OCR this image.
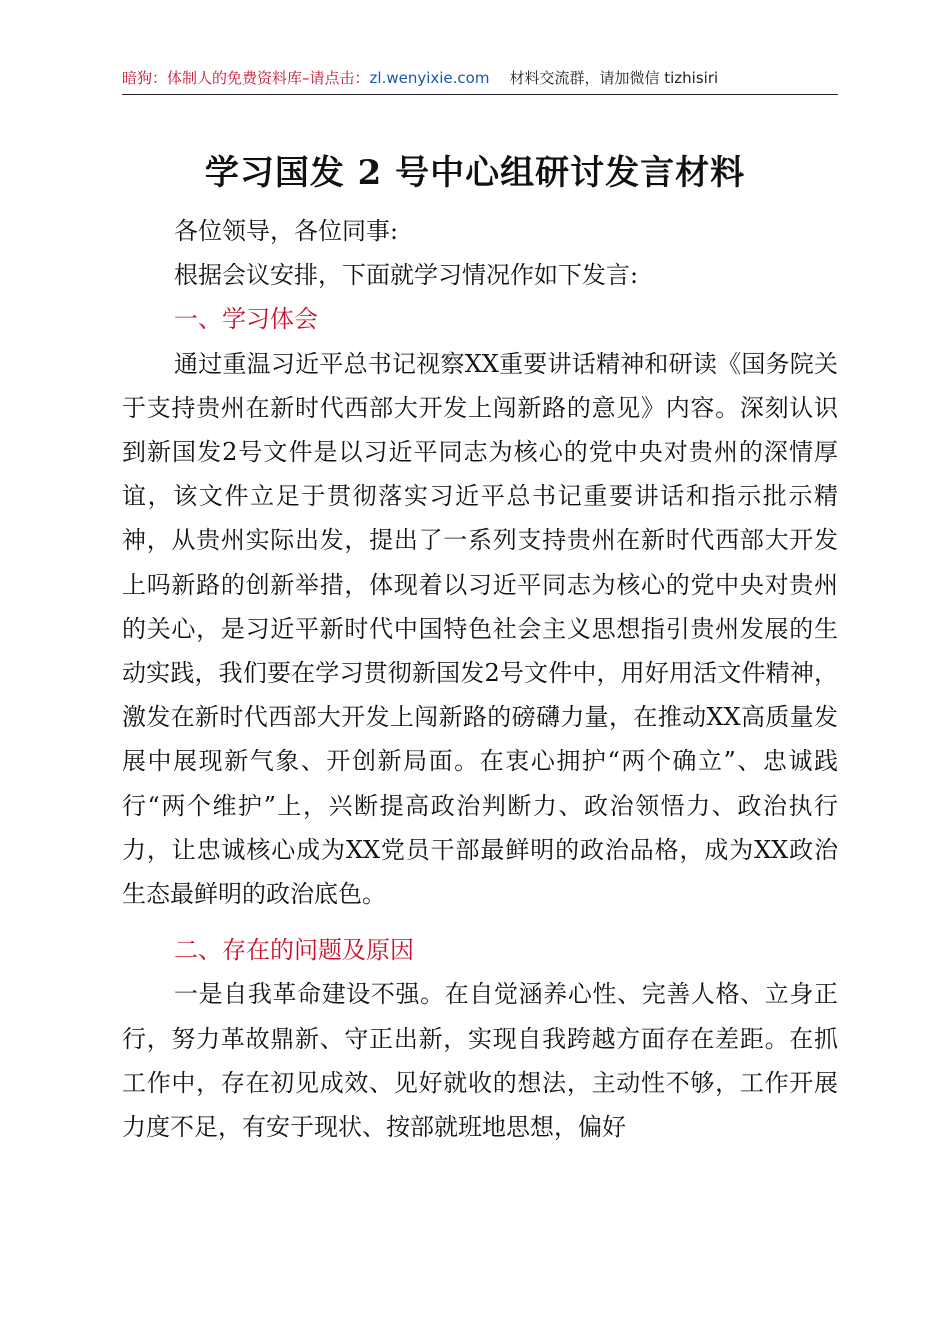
暗狗：体制人的免费资料库–请点击：zl.wenyixie.com 材料交流群，请加微信 tizhisiri
学习国发 2 号中心组研讨发言材料

各位领导，各位同事:

根据会议安排，下面就学习情况作如下发言:

一、学习体会

通过重温习近平总书记视察XX重要讲话精神和研读《国务院关于支持贵州在新时代西部大开发上闯新路的意见》内容。深刻认识到新国发2号文件是以习近平同志为核心的党中央对贵州的深情厚谊，该文件立足于贯彻落实习近平总书记重要讲话和指示批示精神，从贵州实际出发，提出了一系列支持贵州在新时代西部大开发上吗新路的创新举措，体现着以习近平同志为核心的党中央对贵州的关心，是习近平新时代中国特色社会主义思想指引贵州发展的生动实践，我们要在学习贯彻新国发2号文件中，用好用活文件精神，激发在新时代西部大开发上闯新路的磅礴力量，在推动XX高质量发展中展现新气象、开创新局面。在衷心拥护“两个确立”、忠诚践行“两个维护”上，兴断提高政治判断力、政治领悟力、政治执行力，让忠诚核心成为XX党员干部最鲜明的政治品格，成为XX政治生态最鲜明的政治底色。

二、存在的问题及原因

一是自我革命建设不强。在自觉涵养心性、完善人格、立身正行，努力革故鼎新、守正出新，实现自我跨越方面存在差距。在抓工作中，存在初见成效、见好就收的想法，主动性不够，工作开展力度不足，有安于现状、按部就班地思想，偏好
